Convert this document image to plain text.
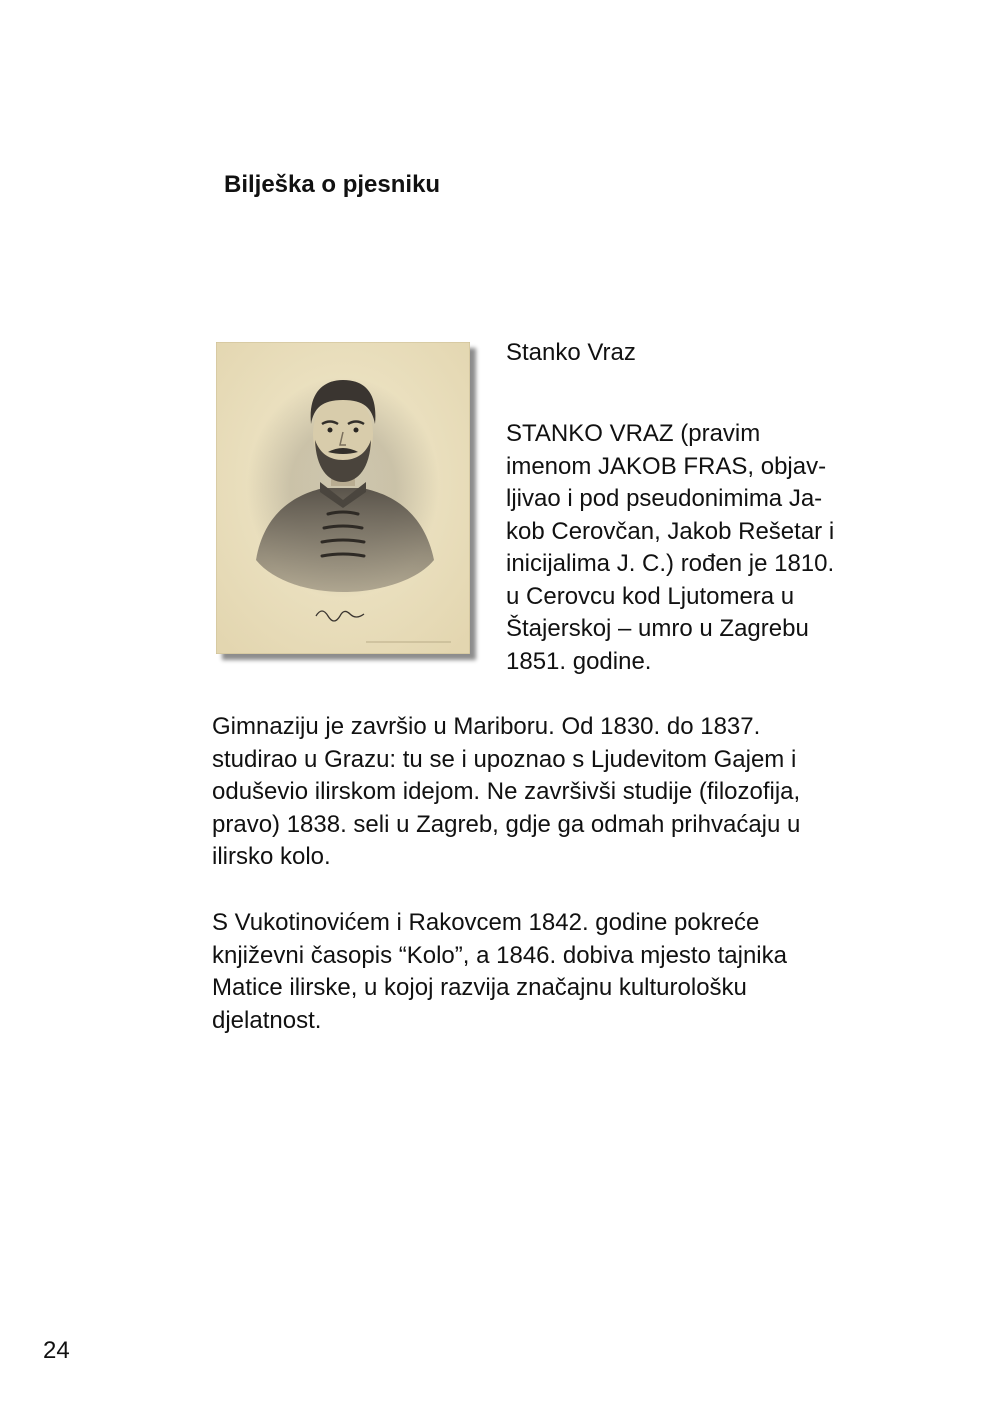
Bilješka o pjesniku

Stanko Vraz

STANKO VRAZ (pravim
imenom JAKOB FRAS, objav-
ljivao i pod pseudonimima Ja-
kob Cerovčan, Jakob Rešetar i
inicijalima J. C.) rođen je 1810.
u Cerovcu kod Ljutomera u
Štajerskoj – umro u Zagrebu
1851. godine.

Gimnaziju je završio u Mariboru. Od 1830. do 1837.
studirao u Grazu: tu se i upoznao s Ljudevitom Gajem i
oduševio ilirskom idejom. Ne završivši studije (filozofija,
pravo) 1838. seli u Zagreb, gdje ga odmah prihvaćaju u
ilirsko kolo.

S Vukotinovićem i Rakovcem 1842. godine pokreće
književni časopis “Kolo”, a 1846. dobiva mjesto tajnika
Matice ilirske, u kojoj razvija značajnu kulturološku
djelatnost.

24
